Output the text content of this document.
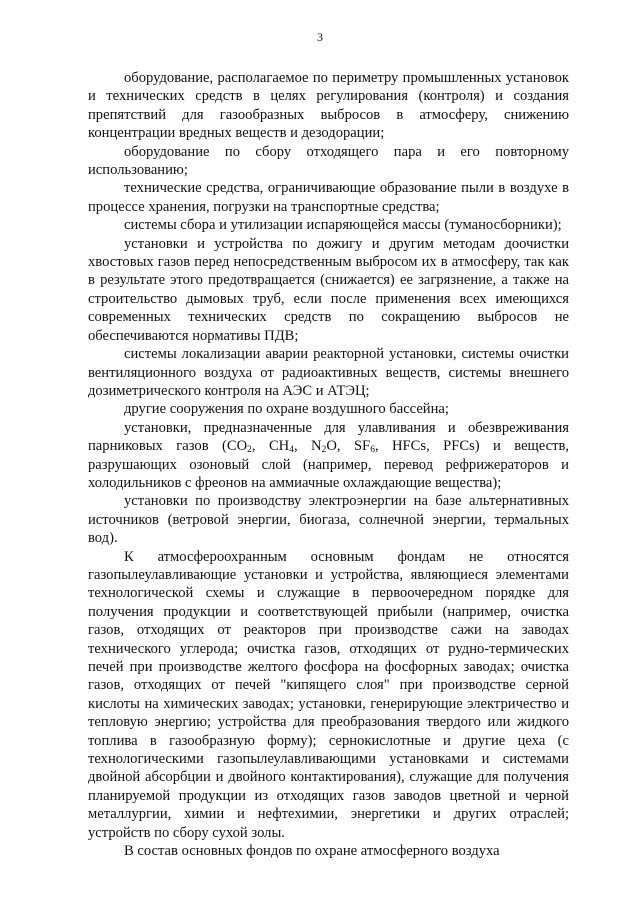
3

оборудование, располагаемое по периметру промышленных установок и технических средств в целях регулирования (контроля) и создания препятствий для газообразных выбросов в атмосферу, снижению концентрации вредных веществ и дезодорации;

оборудование по сбору отходящего пара и его повторному использованию;

технические средства, ограничивающие образование пыли в воздухе в процессе хранения, погрузки на транспортные средства;

системы сбора и утилизации испаряющейся массы (туманосборники);

установки и устройства по дожигу и другим методам доочистки хвостовых газов перед непосредственным выбросом их в атмосферу, так как в результате этого предотвращается (снижается) ее загрязнение, а также на строительство дымовых труб, если после применения всех имеющихся современных технических средств по сокращению выбросов не обеспечиваются нормативы ПДВ;

системы локализации аварии реакторной установки, системы очистки вентиляционного воздуха от радиоактивных веществ, системы внешнего дозиметрического контроля на АЭС и АТЭЦ;

другие сооружения по охране воздушного бассейна;

установки, предназначенные для улавливания и обезвреживания парниковых газов ($CO_2$, $CH_4$, $N_2O$, $SF_6$, HFCs, PFCs) и веществ, разрушающих озоновый слой (например, перевод рефрижераторов и холодильников с фреонов на аммиачные охлаждающие вещества);

установки по производству электроэнергии на базе альтернативных источников (ветровой энергии, биогаза, солнечной энергии, термальных вод).

К атмосфероохранным основным фондам не относятся газопылеулавливающие установки и устройства, являющиеся элементами технологической схемы и служащие в первоочередном порядке для получения продукции и соответствующей прибыли (например, очистка газов, отходящих от реакторов при производстве сажи на заводах технического углерода; очистка газов, отходящих от рудно-термических печей при производстве желтого фосфора на фосфорных заводах; очистка газов, отходящих от печей "кипящего слоя" при производстве серной кислоты на химических заводах; установки, генерирующие электричество и тепловую энергию; устройства для преобразования твердого или жидкого топлива в газообразную форму); сернокислотные и другие цеха (с технологическими газопылеулавливающими установками и системами двойной абсорбции и двойного контактирования), служащие для получения планируемой продукции из отходящих газов заводов цветной и черной металлургии, химии и нефтехимии, энергетики и других отраслей; устройств по сбору сухой золы.

В состав основных фондов по охране атмосферного воздуха
